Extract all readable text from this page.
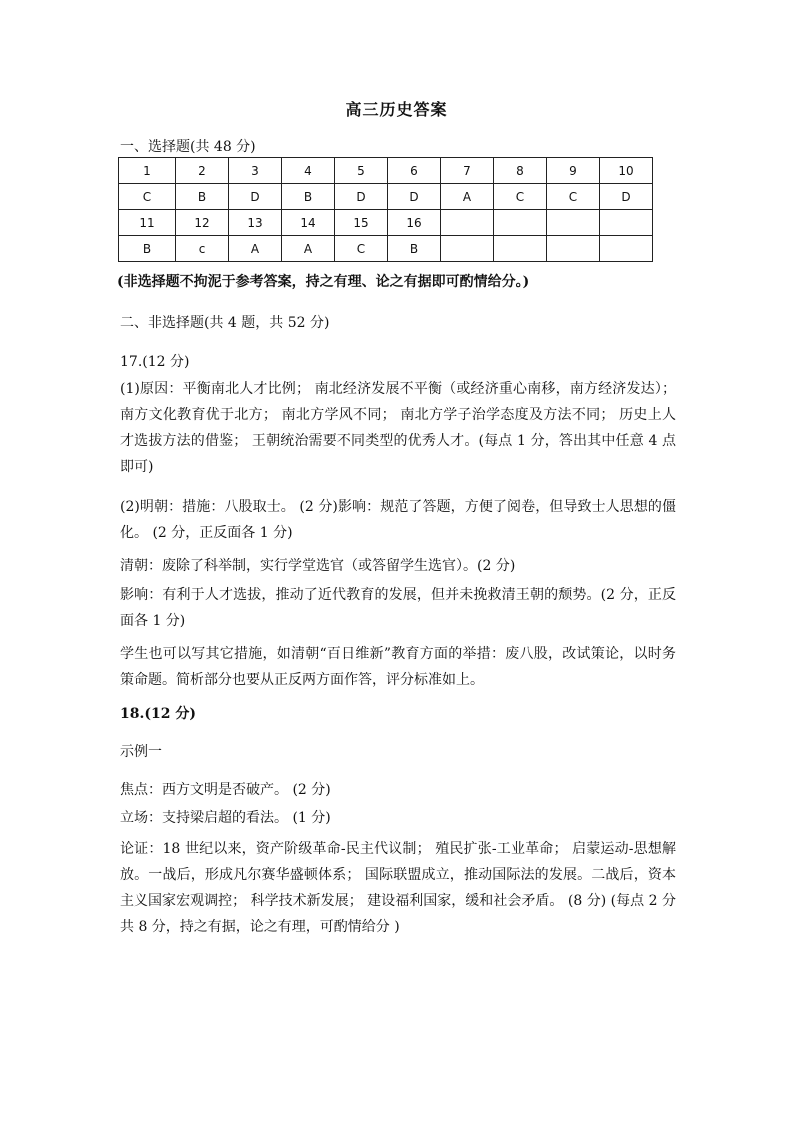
高三历史答案
一、选择题(共 48 分)
1	2	3	4	5	6	7	8	9	10
C	B	D	B	D	D	A	C	C	D
11	12	13	14	15	16				
B	c	A	A	C	B				
(非选择题不拘泥于参考答案，持之有理、论之有据即可酌情给分。)
二、非选择题(共 4 题，共 52 分)
17.(12 分)
(1)原因：平衡南北人才比例； 南北经济发展不平衡（或经济重心南移，南方经济发达）；南方文化教育优于北方； 南北方学风不同； 南北方学子治学态度及方法不同； 历史上人才选拔方法的借鉴； 王朝统治需要不同类型的优秀人才。(每点 1 分，答出其中任意 4 点即可)
(2)明朝：措施：八股取士。 (2 分)影响：规范了答题，方便了阅卷，但导致士人思想的僵化。 (2 分，正反面各 1 分)
清朝：废除了科举制，实行学堂选官（或答留学生选官）。(2 分)
影响：有利于人才选拔，推动了近代教育的发展，但并未挽救清王朝的颓势。(2 分，正反面各 1 分)
学生也可以写其它措施，如清朝“百日维新”教育方面的举措：废八股，改试策论，以时务策命题。简析部分也要从正反两方面作答，评分标准如上。
18.(12 分)
示例一
焦点：西方文明是否破产。 (2 分)
立场：支持梁启超的看法。 (1 分)
论证：18 世纪以来，资产阶级革命-民主代议制； 殖民扩张-工业革命； 启蒙运动-思想解放。一战后，形成凡尔赛华盛顿体系； 国际联盟成立，推动国际法的发展。二战后，资本主义国家宏观调控； 科学技术新发展； 建设福利国家，缓和社会矛盾。 (8 分) (每点 2 分共 8 分，持之有据，论之有理，可酌情给分 )
